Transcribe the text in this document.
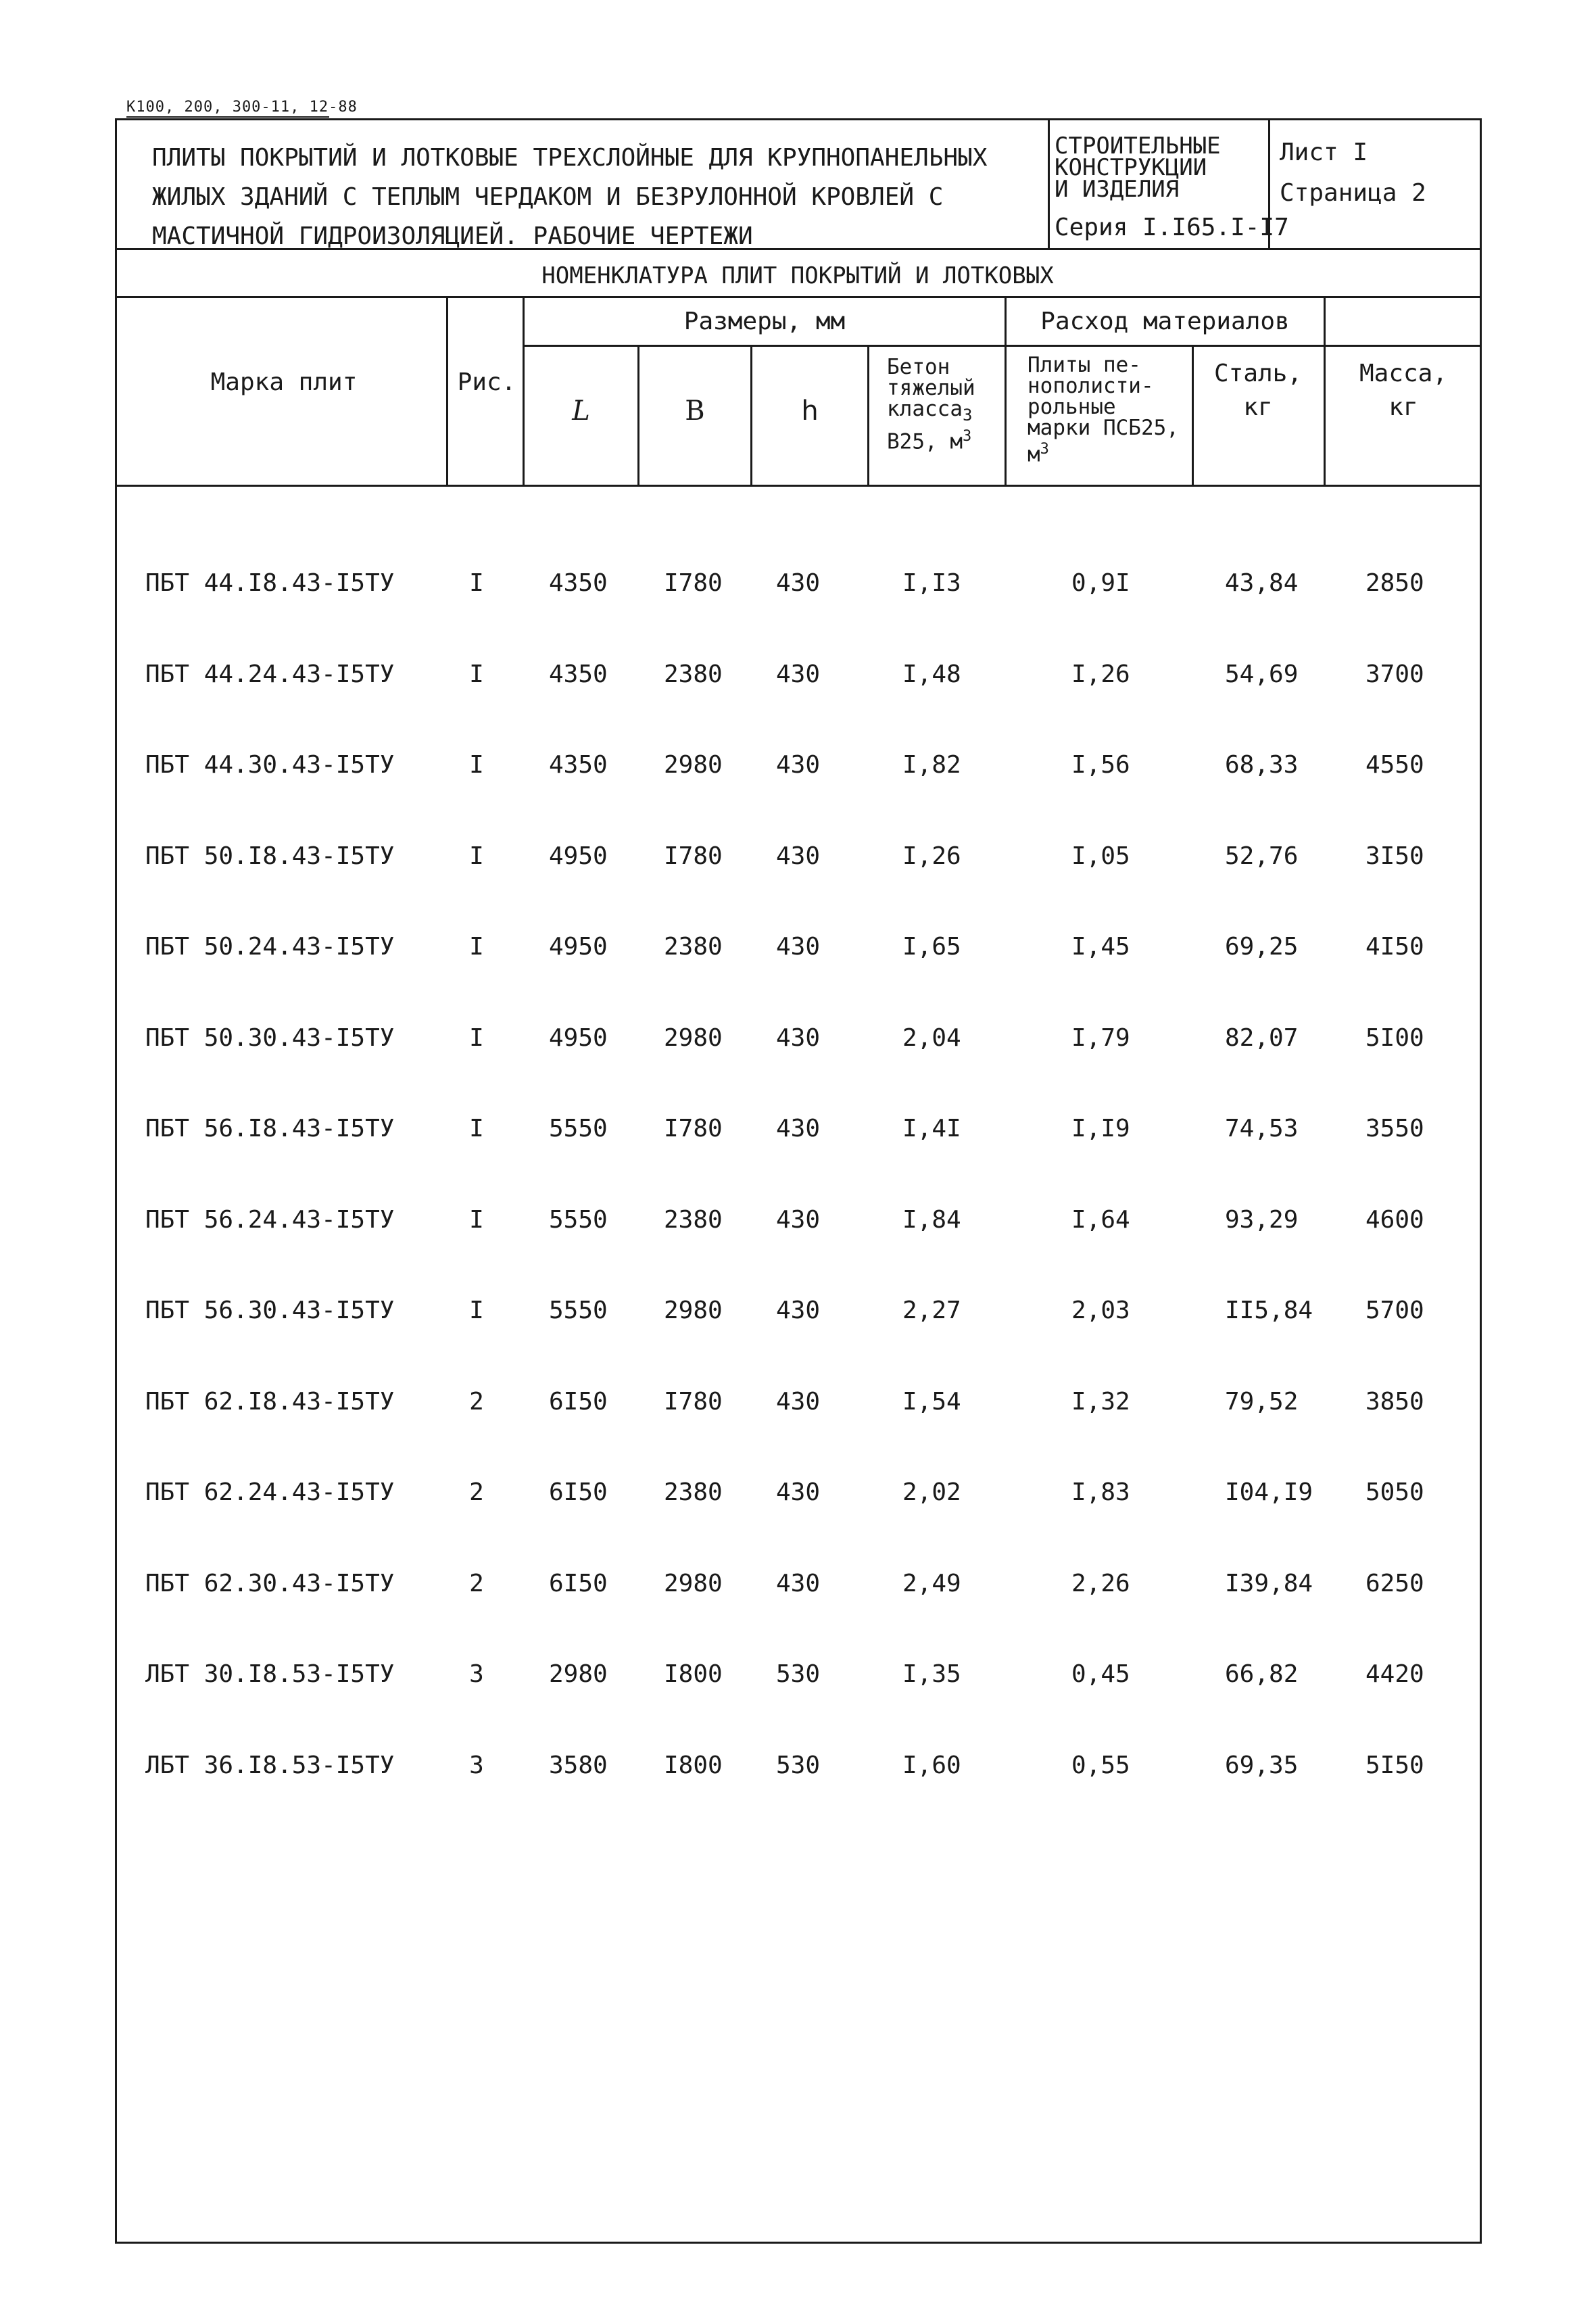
К100, 200, 300-11, 12-88
ПЛИТЫ ПОКРЫТИЙ И ЛОТКОВЫЕ ТРЕХСЛОЙНЫЕ ДЛЯ КРУПНОПАНЕЛЬНЫХ
ЖИЛЫХ ЗДАНИЙ С ТЕПЛЫМ ЧЕРДАКОМ И БЕЗРУЛОННОЙ КРОВЛЕЙ С
МАСТИЧНОЙ ГИДРОИЗОЛЯЦИЕЙ. РАБОЧИЕ ЧЕРТЕЖИ
СТРОИТЕЛЬНЫЕ
КОНСТРУКЦИИ
И ИЗДЕЛИЯ
Серия I.I65.I-I7
Лист I
Страница 2
НОМЕНКЛАТУРА ПЛИТ ПОКРЫТИЙ И ЛОТКОВЫХ
Марка плит	Рис.
Размеры, мм
L	B	h
Бетон
тяжелый
класса$_3$
В25, $м^3$
Расход материалов
Плиты пе-
нополисти-
рольные
марки ПСБ25,
$м^3$
Сталь,
кг
Масса,
кг
ПБТ 44.I8.43-I5ТУ	I	4350 I780 430	I,I3	0,9I	43,84	2850
ПБТ 44.24.43-I5ТУ	I	4350 2380 430	I,48	I,26	54,69	3700
ПБТ 44.30.43-I5ТУ	I	4350 2980 430	I,82	I,56	68,33	4550
ПБТ 50.I8.43-I5ТУ	I	4950 I780 430	I,26	I,05	52,76	3I50
ПБТ 50.24.43-I5ТУ	I	4950 2380 430	I,65	I,45	69,25	4I50
ПБТ 50.30.43-I5ТУ	I	4950 2980 430	2,04	I,79	82,07	5I00
ПБТ 56.I8.43-I5ТУ	I	5550 I780 430	I,4I	I,I9	74,53	3550
ПБТ 56.24.43-I5ТУ	I	5550 2380 430	I,84	I,64	93,29	4600
ПБТ 56.30.43-I5ТУ	I	5550 2980 430	2,27	2,03	II5,84 5700
ПБТ 62.I8.43-I5ТУ	2	6I50 I780 430	I,54	I,32	79,52	3850
ПБТ 62.24.43-I5ТУ	2	6I50 2380 430	2,02	I,83	I04,I9 5050
ПБТ 62.30.43-I5ТУ	2	6I50 2980 430	2,49	2,26	I39,84 6250
ЛБТ 30.I8.53-I5ТУ	3	2980 I800 530	I,35	0,45	66,82	4420
ЛБТ 36.I8.53-I5ТУ	3	3580 I800 530	I,60	0,55	69,35	5I50
